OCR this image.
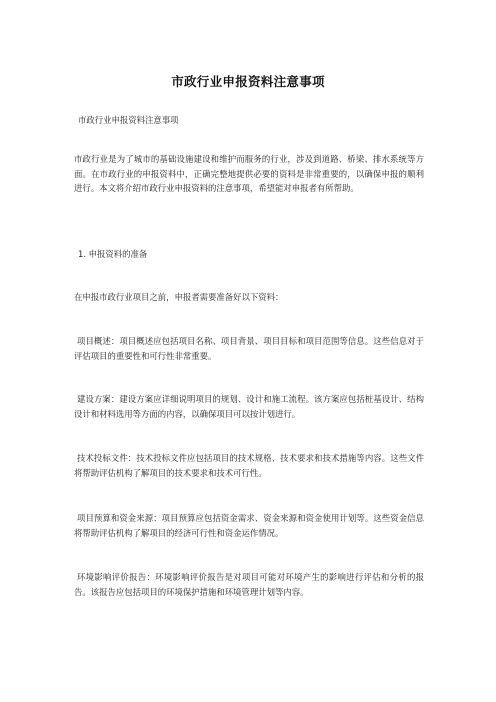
市政行业申报资料注意事项
市政行业申报资料注意事项

市政行业是为了城市的基础设施建设和维护而服务的行业，涉及到道路、桥梁、排水系统等方面。在市政行业的申报资料中，正确完整地提供必要的资料是非常重要的，以确保申报的顺利进行。本文将介绍市政行业申报资料的注意事项，希望能对申报者有所帮助。

1. 申报资料的准备

在申报市政行业项目之前，申报者需要准备好以下资料：

项目概述：项目概述应包括项目名称、项目背景、项目目标和项目范围等信息。这些信息对于评估项目的重要性和可行性非常重要。

建设方案：建设方案应详细说明项目的规划、设计和施工流程。该方案应包括桩基设计、结构设计和材料选用等方面的内容，以确保项目可以按计划进行。

技术投标文件：技术投标文件应包括项目的技术规格、技术要求和技术措施等内容。这些文件将帮助评估机构了解项目的技术要求和技术可行性。

项目预算和资金来源：项目预算应包括资金需求、资金来源和资金使用计划等。这些资金信息将帮助评估机构了解项目的经济可行性和资金运作情况。

环境影响评价报告：环境影响评价报告是对项目可能对环境产生的影响进行评估和分析的报告。该报告应包括项目的环境保护措施和环境管理计划等内容。
